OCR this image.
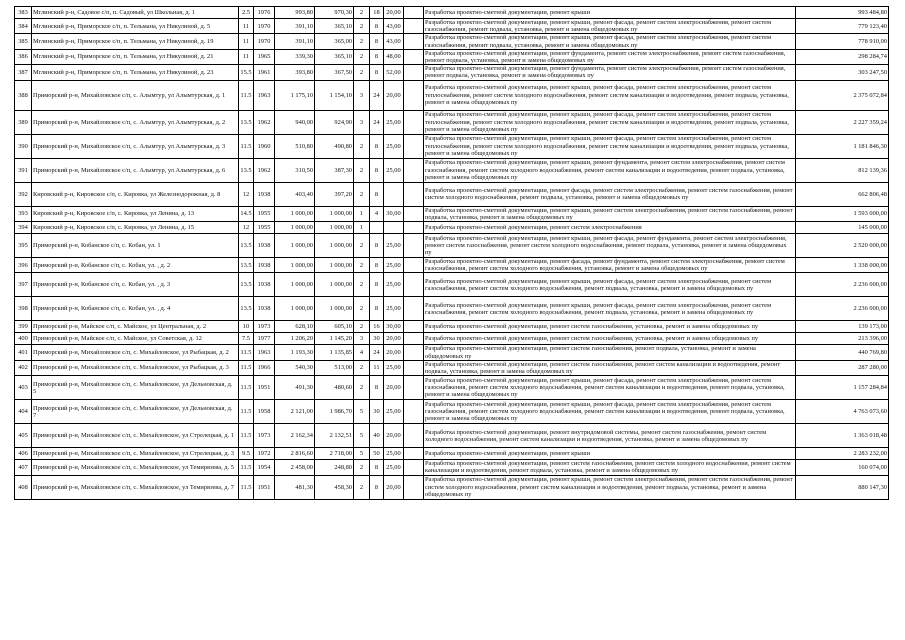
383	Мглинский р-н, Садовое с/п, п. Садовый, ул Школьная, д. 1	2.5	1976	993,80	970,30	2	18	20,00		Разработка проектно-сметной документации, ремонт крыши	993 484,80
384	Мглинский р-н, Приморское с/п, п. Тельмана, ул Никулиной, д. 5	11	1970	391,10	365,10	2	8	43,00		Разработка проектно-сметной документации, ремонт крыши, ремонт фасада, ремонт систем электроснабжения, ремонт систем газоснабжения, ремонт подвала, установка, ремонт и замена общедомовых пу	779 123,40
385	Мглинский р-н, Приморское с/п, п. Тельмана, ул Никулиной, д. 19	11	1970	391,10	365,00	2	8	43,00		Разработка проектно-сметной документации, ремонт крыши, ремонт фасада, ремонт систем электроснабжения, ремонт систем газоснабжения, ремонт подвала, установка, ремонт и замена общедомовых пу	778 910,00
386	Мглинский р-н, Приморское с/п, п. Тельмана, ул Никулиной, д. 21	11	1965	339,30	365,10	2	8	48,00		Разработка проектно-сметной документации, ремонт фундамента, ремонт систем электроснабжения, ремонт систем газоснабжения, ремонт подвала, установка, ремонт и замена общедомовых пу	298 284,74
387	Мглинский р-н, Приморское с/п, п. Тельмана, ул Никулиной, д. 23	15.5	1961	393,80	367,50	2	8	52,00		Разработка проектно-сметной документации, ремонт фундамента, ремонт систем электроснабжения, ремонт систем газоснабжения, ремонт подвала, установка, ремонт и замена общедомовых пу	303 247,50
388	Приморский р-н, Михайловское с/п, с. Алымтур, ул Алымтурская, д. 1	11.5	1963	1 175,10	1 154,10	3	24	20,00		Разработка проектно-сметной документации, ремонт крыши, ремонт фасада, ремонт систем электроснабжения, ремонт систем теплоснабжения, ремонт систем холодного водоснабжения, ремонт систем канализации и водоотведения, ремонт подвала, установка, ремонт и замена общедомовых пу	2 375 072,84
389	Приморский р-н, Михайловское с/п, с. Алымтур, ул Алымтурская, д. 2	13.5	1962	940,00	924,90	3	24	25,00		Разработка проектно-сметной документации, ремонт крыши, ремонт фасада, ремонт систем электроснабжения, ремонт систем теплоснабжения, ремонт систем холодного водоснабжения, ремонт систем канализации и водоотведения, ремонт подвала, установка, ремонт и замена общедомовых пу	2 227 359,24
390	Приморский р-н, Михайловское с/п, с. Алымтур, ул Алымтурская, д. 3	11.5	1960	510,80	490,80	2	8	25,00		Разработка проектно-сметной документации, ремонт крыши, ремонт фасада, ремонт систем электроснабжения, ремонт систем теплоснабжения, ремонт систем холодного водоснабжения, ремонт систем канализации и водоотведения, ремонт подвала, установка, ремонт и замена общедомовых пу	1 181 846,30
391	Приморский р-н, Михайловское с/п, с. Алымтур, ул Алымтурская, д. 6	13.5	1962	310,50	387,30	2	8	25,00		Разработка проектно-сметной документации, ремонт крыши, ремонт фундамента, ремонт систем электроснабжения, ремонт систем газоснабжения, ремонт систем холодного водоснабжения, ремонт систем канализации и водоотведения, ремонт подвала, установка, ремонт и замена общедомовых пу	812 139,36
392	Кировский р-н, Кировское с/п, с. Кировка, ул Железнодорожная, д. 8	12	1938	403,40	397,20	2	8			Разработка проектно-сметной документации, ремонт фасада, ремонт систем электроснабжения, ремонт систем газоснабжения, ремонт систем холодного водоснабжения, ремонт подвала, установка, ремонт и замена общедомовых пу	662 806,48
393	Кировский р-н, Кировское с/п, с. Кировка, ул Ленина, д. 13	14.5	1955	1 000,00	1 000,00	1	4	30,00		Разработка проектно-сметной документации, ремонт крыши, ремонт систем электроснабжения, ремонт систем газоснабжения, ремонт подвала, установка, ремонт и замена общедомовых пу	1 593 000,00
394	Кировский р-н, Кировское с/п, с. Кировка, ул Ленина, д. 15	12	1955	1 000,00	1 000,00	1				Разработка проектно-сметной документации, ремонт систем электроснабжения	145 000,00
395	Приморский р-н, Кобанское с/п, с. Кобан, ул. 1	13.5	1938	1 000,00	1 000,00	2	8	25,00		Разработка проектно-сметной документации, ремонт крыши, ремонт фасада, ремонт фундамента, ремонт систем электроснабжения, ремонт систем газоснабжения, ремонт систем холодного водоснабжения, ремонт подвала, установка, ремонт и замена общедомовых пу	2 520 000,00
396	Приморский р-н, Кобанское с/п, с. Кобан, ул. , д. 2	13.5	1938	1 000,00	1 000,00	2	8	25,00		Разработка проектно-сметной документации, ремонт фасада, ремонт фундамента, ремонт систем электроснабжения, ремонт систем газоснабжения, ремонт систем холодного водоснабжения, установка, ремонт и замена общедомовых пу	1 338 000,00
397	Приморский р-н, Кобанское с/п, с. Кобан, ул. , д. 3	13.5	1938	1 000,00	1 000,00	2	8	25,00		Разработка проектно-сметной документации, ремонт крыши, ремонт фасада, ремонт систем электроснабжения, ремонт систем газоснабжения, ремонт систем холодного водоснабжения, ремонт подвала, установка, ремонт и замена общедомовых пу	2 236 000,00
398	Приморский р-н, Кобанское с/п, с. Кобан, ул. , д. 4	13.5	1938	1 000,00	1 000,00	2	8	25,00		Разработка проектно-сметной документации, ремонт крыши, ремонт фасада, ремонт систем электроснабжения, ремонт систем газоснабжения, ремонт систем холодного водоснабжения, ремонт подвала, установка, ремонт и замена общедомовых пу	2 236 000,00
399	Приморский р-н, Майское с/п, с. Майское, ул Центральная, д. 2	10	1973	628,10	605,10	2	16	30,00		Разработка проектно-сметной документации, ремонт систем газоснабжения, установка, ремонт и замена общедомовых пу	139 173,00
400	Приморский р-н, Майское с/п, с. Майское, ул Советская, д. 12	7.5	1977	1 206,20	1 145,20	3	30	20,00		Разработка проектно-сметной документации, ремонт систем газоснабжения, установка, ремонт и замена общедомовых пу	213 396,00
401	Приморский р-н, Михайловское с/п, с. Михайловское, ул Рыбацкая, д. 2	11.5	1963	1 193,30	1 135,85	4	24	20,00		Разработка проектно-сметной документации, ремонт систем газоснабжения, ремонт подвала, установка, ремонт и замена общедомовых пу	440 769,80
402	Приморский р-н, Михайловское с/п, с. Михайловское, ул Рыбацкая, д. 3	11.5	1966	540,30	513,00	2	11	25,00		Разработка проектно-сметной документации, ремонт систем газоснабжения, ремонт систем канализации и водоотведения, ремонт подвала, установка, ремонт и замена общедомовых пу	287 280,00
403	Приморский р-н, Михайловское с/п, с. Михайловское, ул Дельновская, д. 5	11.5	1951	491,30	480,60	2	8	20,00		Разработка проектно-сметной документации, ремонт крыши, ремонт фасада, ремонт систем электроснабжения, ремонт систем газоснабжения, ремонт систем холодного водоснабжения, ремонт систем канализации и водоотведения, ремонт подвала, установка, ремонт и замена общедомовых пу	1 157 284,84
404	Приморский р-н, Михайловское с/п, с. Михайловское, ул Дельновская, д. 7	11.5	1958	2 121,00	1 986,70	5	30	25,00		Разработка проектно-сметной документации, ремонт крыши, ремонт фасада, ремонт систем электроснабжения, ремонт систем газоснабжения, ремонт систем холодного водоснабжения, ремонт систем канализации и водоотведения, ремонт подвала, установка, ремонт и замена общедомовых пу	4 763 073,60
405	Приморский р-н, Михайловское с/п, с. Михайловское, ул Стрелецкая, д. 1	11.5	1973	2 162,34	2 132,51	5	40	20,00		Разработка проектно-сметной документации, ремонт внутридомовой системы, ремонт систем газоснабжения, ремонт систем холодного водоснабжения, ремонт систем канализации и водоотведения, установка, ремонт и замена общедомовых пу	1 363 018,48
406	Приморский р-н, Михайловское с/п, с. Михайловское, ул Стрелецкая, д. 3	9.5	1972	2 816,60	2 718,00	5	50	25,00		Разработка проектно-сметной документации, ремонт крыши	2 283 232,00
407	Приморский р-н, Михайловское с/п, с. Михайловское, ул Темирязева, д. 5	11.5	1954	2 458,00	248,80	2	8	25,00		Разработка проектно-сметной документации, ремонт систем газоснабжения, ремонт систем холодного водоснабжения, ремонт систем канализации и водоотведения, ремонт подвала, установка, ремонт и замена общедомовых пу	160 074,00
408	Приморский р-н, Михайловское с/п, с. Михайловское, ул Темирязева, д. 7	11.5	1951	481,30	458,30	2	8	20,00		Разработка проектно-сметной документации, ремонт крыши, ремонт систем электроснабжения, ремонт систем газоснабжения, ремонт систем холодного водоснабжения, ремонт систем канализации и водоотведения, ремонт подвала, установка, ремонт и замена общедомовых пу	880 147,30
